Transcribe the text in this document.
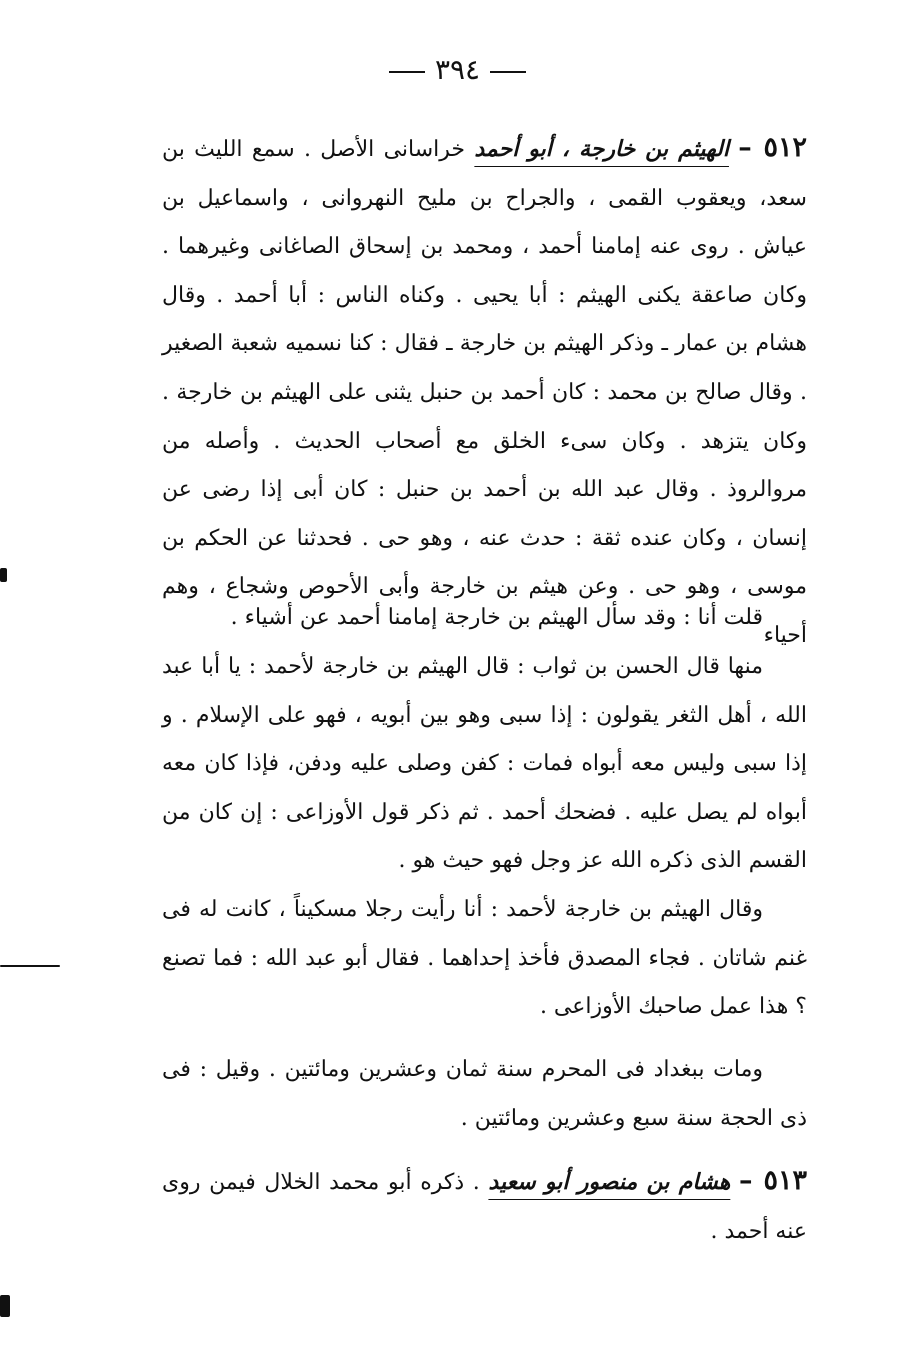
٣٩٤

٥١٢ – الهيثم بن خارجة ، أبو أحمد خراسانى الأصل . سمع الليث بن سعد، ويعقوب القمى ، والجراح بن مليح النهروانى ، واسماعيل بن عياش . روى عنه إمامنا أحمد ، ومحمد بن إسحاق الصاغانى وغيرهما . وكان صاعقة يكنى الهيثم : أبا يحيى . وكناه الناس : أبا أحمد . وقال هشام بن عمار ـ وذكر الهيثم بن خارجة ـ فقال : كنا نسميه شعبة الصغير . وقال صالح بن محمد : كان أحمد بن حنبل يثنى على الهيثم بن خارجة . وكان يتزهد . وكان سىء الخلق مع أصحاب الحديث . وأصله من مروالروذ . وقال عبد الله بن أحمد بن حنبل : كان أبى إذا رضى عن إنسان ، وكان عنده ثقة : حدث عنه ، وهو حى . فحدثنا عن الحكم بن موسى ، وهو حى . وعن هيثم بن خارجة وأبى الأحوص وشجاع ، وهم أحياء

قلت أنا : وقد سأل الهيثم بن خارجة إمامنا أحمد عن أشياء .

منها قال الحسن بن ثواب : قال الهيثم بن خارجة لأحمد : يا أبا عبد الله ، أهل الثغر يقولون : إذا سبى وهو بين أبويه ، فهو على الإسلام . و إذا سبى وليس معه أبواه فمات : كفن وصلى عليه ودفن، فإذا كان معه أبواه لم يصل عليه . فضحك أحمد . ثم ذكر قول الأوزاعى : إن كان من القسم الذى ذكره الله عز وجل فهو حيث هو .

وقال الهيثم بن خارجة لأحمد : أنا رأيت رجلا مسكيناً ، كانت له فى غنم شاتان . فجاء المصدق فأخذ إحداهما . فقال أبو عبد الله : فما تصنع ؟ هذا عمل صاحبك الأوزاعى .

ومات ببغداد فى المحرم سنة ثمان وعشرين ومائتين . وقيل : فى ذى الحجة سنة سبع وعشرين ومائتين .

٥١٣ – هشام بن منصور أبو سعيد . ذكره أبو محمد الخلال فيمن روى عنه أحمد .
